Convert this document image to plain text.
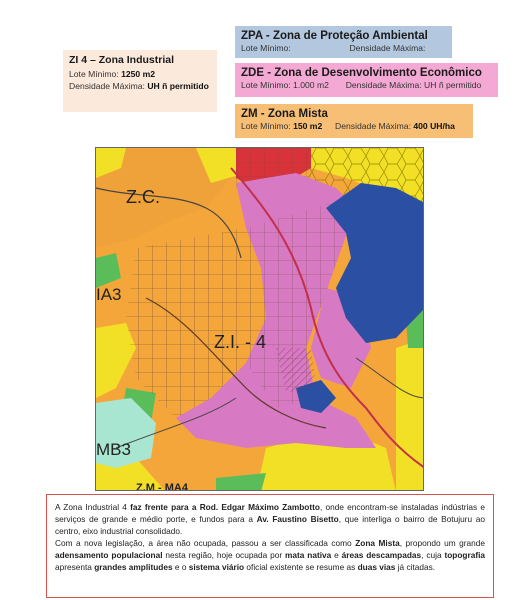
ZI 4 – Zona Industrial
Lote Mínimo: 1250 m2
Densidade Máxima: UH ñ permitido
ZPA - Zona de Proteção Ambiental
Lote Mínimo:	Densidade Máxima:
ZDE - Zona de Desenvolvimento Econômico
Lote Mínimo: 1.000 m2 Densidade Máxima: UH ñ permitido
ZM - Zona Mista
Lote Mínimo: 150 m2 Densidade Máxima: 400 UH/ha
Z.C.
IA3
Z.I. - 4
MB3
Z.M - MA4

A Zona Industrial 4 faz frente para a Rod. Edgar Máximo Zambotto, onde encontram-se instaladas indústrias e serviços de grande e médio porte, e fundos para a Av. Faustino Bisetto, que interliga o bairro de Botujuru ao centro, eixo industrial consolidado.

Com a nova legislação, a área não ocupada, passou a ser classificada como Zona Mista, propondo um grande adensamento populacional nesta região, hoje ocupada por mata nativa e áreas descampadas, cuja topografia apresenta grandes amplitudes e o sistema viário oficial existente se resume as duas vias já citadas.
